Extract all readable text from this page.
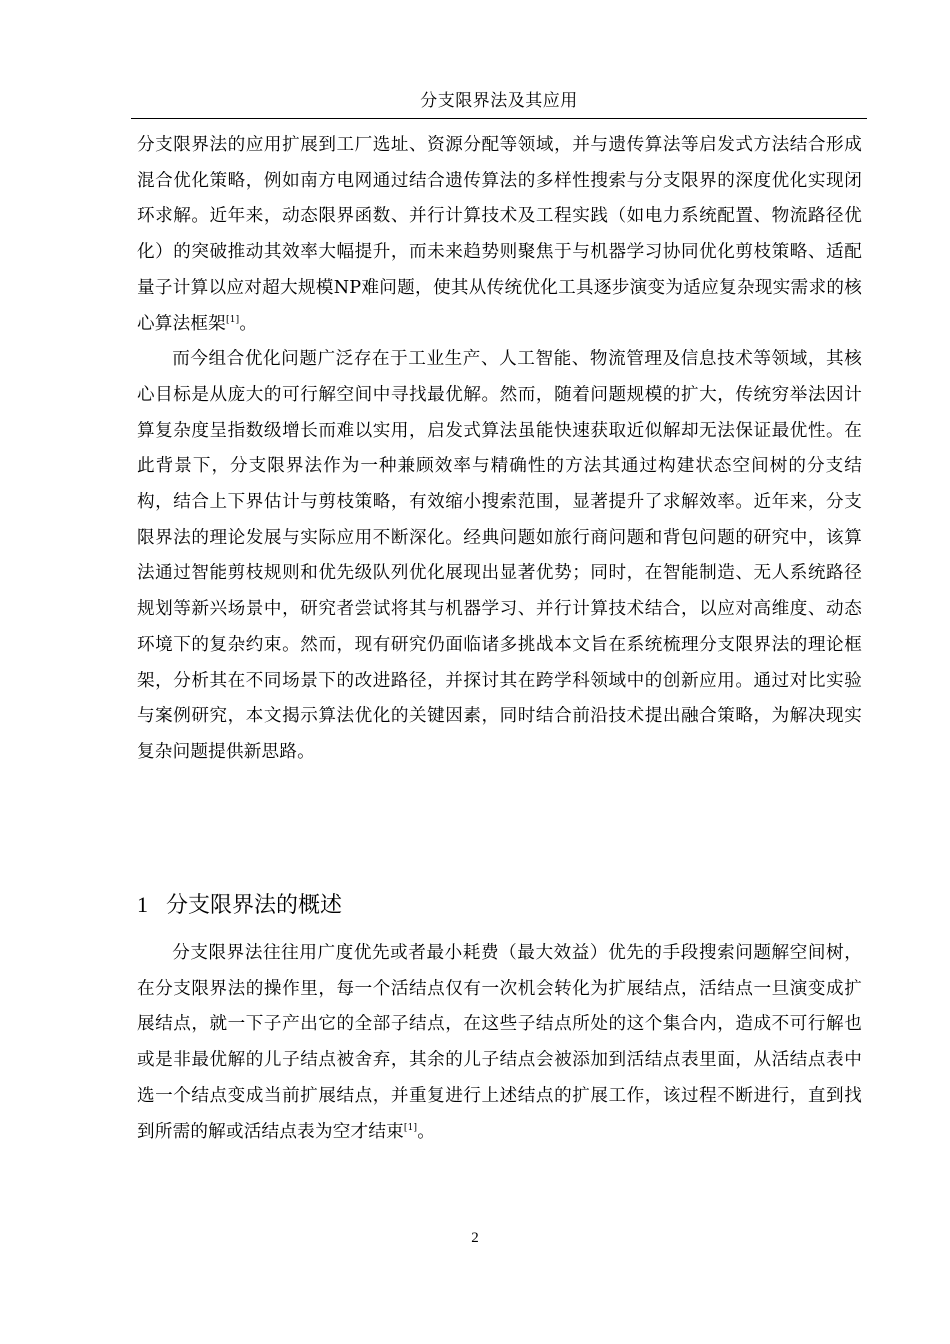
分支限界法及其应用

分支限界法的应用扩展到工厂选址、资源分配等领域，并与遗传算法等启发式方法结合形成混合优化策略，例如南方电网通过结合遗传算法的多样性搜索与分支限界的深度优化实现闭环求解。近年来，动态限界函数、并行计算技术及工程实践（如电力系统配置、物流路径优化）的突破推动其效率大幅提升，而未来趋势则聚焦于与机器学习协同优化剪枝策略、适配量子计算以应对超大规模NP难问题，使其从传统优化工具逐步演变为适应复杂现实需求的核心算法框架[1]。

而今组合优化问题广泛存在于工业生产、人工智能、物流管理及信息技术等领域，其核心目标是从庞大的可行解空间中寻找最优解。然而，随着问题规模的扩大，传统穷举法因计算复杂度呈指数级增长而难以实用，启发式算法虽能快速获取近似解却无法保证最优性。在此背景下，分支限界法作为一种兼顾效率与精确性的方法其通过构建状态空间树的分支结构，结合上下界估计与剪枝策略，有效缩小搜索范围，显著提升了求解效率。近年来，分支限界法的理论发展与实际应用不断深化。经典问题如旅行商问题和背包问题的研究中，该算法通过智能剪枝规则和优先级队列优化展现出显著优势；同时，在智能制造、无人系统路径规划等新兴场景中，研究者尝试将其与机器学习、并行计算技术结合，以应对高维度、动态环境下的复杂约束。然而，现有研究仍面临诸多挑战本文旨在系统梳理分支限界法的理论框架，分析其在不同场景下的改进路径，并探讨其在跨学科领域中的创新应用。通过对比实验与案例研究，本文揭示算法优化的关键因素，同时结合前沿技术提出融合策略，为解决现实复杂问题提供新思路。

1 分支限界法的概述

分支限界法往往用广度优先或者最小耗费（最大效益）优先的手段搜索问题解空间树，在分支限界法的操作里，每一个活结点仅有一次机会转化为扩展结点，活结点一旦演变成扩展结点，就一下子产出它的全部子结点，在这些子结点所处的这个集合内，造成不可行解也或是非最优解的儿子结点被舍弃，其余的儿子结点会被添加到活结点表里面，从活结点表中选一个结点变成当前扩展结点，并重复进行上述结点的扩展工作，该过程不断进行，直到找到所需的解或活结点表为空才结束[1]。

2
